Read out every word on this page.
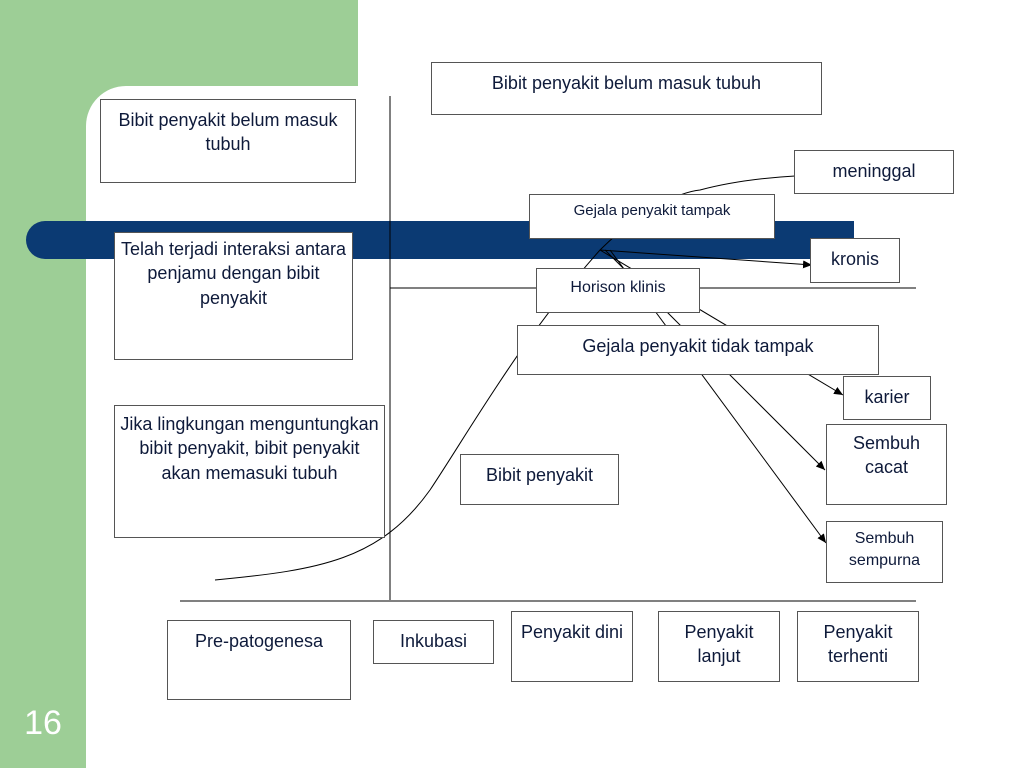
16
Bibit penyakit belum masuk tubuh
Bibit penyakit belum masuk tubuh
Telah terjadi interaksi antara penjamu dengan bibit penyakit
Jika lingkungan menguntungkan bibit penyakit, bibit penyakit akan memasuki tubuh
meninggal
Gejala penyakit tampak
kronis
Horison klinis
Gejala penyakit tidak tampak
karier
Sembuh cacat
Bibit penyakit
Sembuh sempurna
Pre-patogenesa	Inkubasi	Penyakit dini	Penyakit lanjut
Penyakit terhenti
